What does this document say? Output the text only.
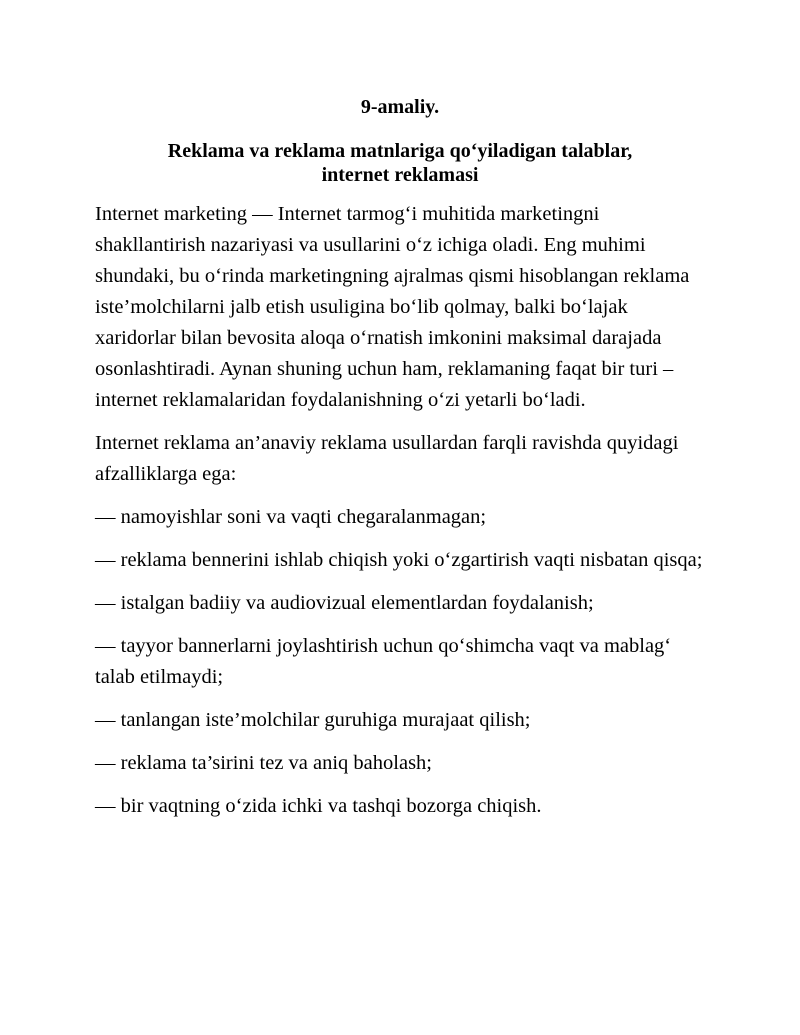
9-amaliy.

Reklama va reklama matnlariga qo‘yiladigan talablar,
internet reklamasi

Internet marketing — Internet tarmog‘i muhitida marketingni shakllantirish nazariyasi va usullarini o‘z ichiga oladi. Eng muhimi shundaki, bu o‘rinda marketingning ajralmas qismi hisoblangan reklama iste’molchilarni jalb etish usuligina bo‘lib qolmay, balki bo‘lajak xaridorlar bilan bevosita aloqa o‘rnatish imkonini maksimal darajada osonlashtiradi. Aynan shuning uchun ham, reklamaning faqat bir turi – internet reklamalaridan foydalanishning o‘zi yetarli bo‘ladi.

Internet reklama an’anaviy reklama usullardan farqli ravishda quyidagi afzalliklarga ega:

— namoyishlar soni va vaqti chegaralanmagan;

— reklama bennerini ishlab chiqish yoki o‘zgartirish vaqti nisbatan qisqa;

— istalgan badiiy va audiovizual elementlardan foydalanish;

— tayyor bannerlarni joylashtirish uchun qo‘shimcha vaqt va mablag‘ talab etilmaydi;

— tanlangan iste’molchilar guruhiga murajaat qilish;

— reklama ta’sirini tez va aniq baholash;

— bir vaqtning o‘zida ichki va tashqi bozorga chiqish.
